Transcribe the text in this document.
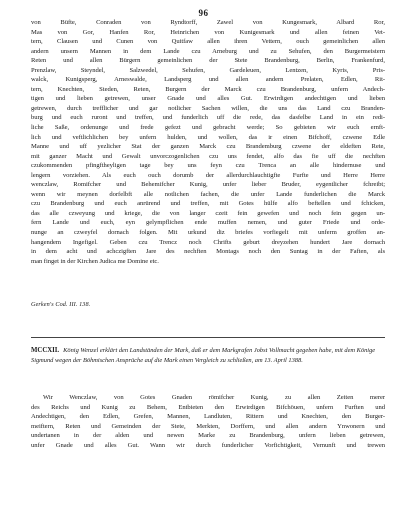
96
von Büfte, Conraden von Ryndtorff, Zawel von Kungesmark, Albard Ror,
Mas von Gor, Hanfen Ror, Heinrichen von Kunigesmark und allen feinen Vet-
tern, Clausen und Cunen von Quitfaw allen ihren Vettern, ouch gemeinlichen allen
andern unsern Mannen in dem Lande czu Arneburg und zu Sehufen, den Burgermeistern
Reten und allen Bürgern gemeinlichen der Stete Brandenburg, Berlin, Frankenfurd,
Prenzlaw, Steyndel, Salzwedel, Sehufen, Gardeleuen, Lentzen, Kyris, Pris-
walck, Kunigsperg, Arneswalde, Landsperg und allen andern Prelaten, Edlen, Rit-
tern, Knechten, Steden, Reten, Burgern der Marck czu Brandenburg, unfern Andech-
tigen und lieben getrewen, unser Gnade und alles Gut. Erwirdigen andechtigen und lieben
getrewen, durch trefflicher und gar notlicher Sachen willen, die uns das Land czu Branden-
burg und euch ruront und treffen, und funderlich uff die rede, das dasfelbe Land in ein redi-
liche Saße, ordenunge und frede gefezt und gebracht werde; So gebieten wir euch ernft-
lich und veftlichlichen bey unfern hulden, und wollen, das ir einen Bifchoff, czwene Edle
Manne und uff yezlicher Stat der ganzen Marck czu Brandemburg czwene der eldeften Rete,
mit ganzer Macht und Gewalt unvorczogenlichen czu uns fendet, alfo das fie uff die nechften
czukommenden pfingftheyligen tage bey uns feyn czu Trenca an alle hindernuse und
lengern vorziehen. Als euch ouch dorumb der allerdurchlauchtigfte Furfte und Herre Herre
wenczlaw, Romifcher und Behemifcher Kunig, unfer lieber Bruder, eygentlicher fchreibt;
wenn wir meynen dorfelbft alle notlichen fachen, die unfer Lande funderlichen die Marck
czu Brandenburg und euch anrürend und treffen, mit Gotes hülfe alfo beftellen und fchicken,
das alle czweyung und kriege, die von langer czeit fein gewefen und noch fein gegen un-
fern Lande und euch, eyn gelympflichen ende muffen nemen, und guter Friede und orde-
nunge an czweyfel dornach folgen. Mit urkund diz briefes vorfiegelt mit unferm groffen an-
hangendem Ingefigel. Geben czu Trencz noch Chrifts geburt dreyzehen hundert Jare dornach
in dem acht und achczigften Jare des nechften Montags noch den Suntag in der Faften, als
man finget in der Kirchen Judica me Domine etc.
Gerken's Cod. III. 138.
MCCXII. König Wenzel erklärt den Landständen der Mark, daß er dem Markgrafen Jobst Vollmacht gegeben habe, mit dem Könige Sigmund wegen der Böhmischen Ansprüche auf die Mark einen Vergleich zu schließen, am 13. April 1388.
Wir Wenczlaw, von Gotes Gnaden römifcher Kunig, zu allen Zeiten merer
des Reichs und Kunig zu Behem, Entbieten den Erwirdigen Bifchöuen, unfern Furften und
Andechtigen, den Edlen, Grefen, Mannen, Landluten, Rittern und Knechten, den Burger-
meiftern, Reten und Gemeinden der Stete, Merkten, Dorffern, und allen andern Ynwonern und
undertanen in der alden und newen Marke zu Brandenburg, unfern lieben getrewen,
unfer Gnade und alles Gut. Wann wir durch funderlicher Vorfichtigkeit, Vernunft und trewen
